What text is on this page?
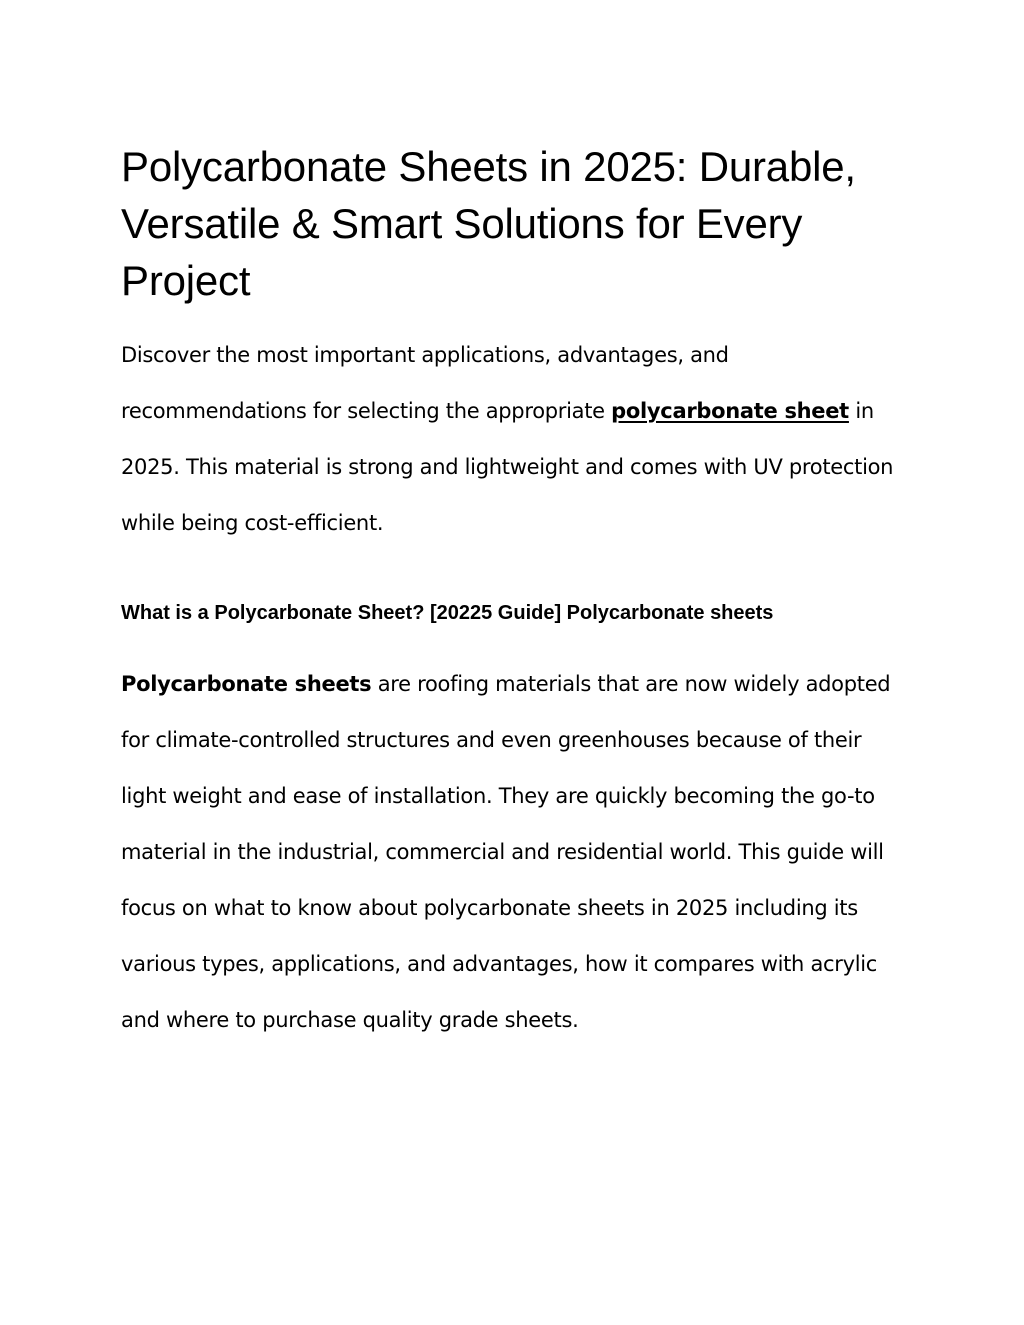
Polycarbonate Sheets in 2025: Durable, Versatile & Smart Solutions for Every Project

Discover the most important applications, advantages, and recommendations for selecting the appropriate polycarbonate sheet in 2025. This material is strong and lightweight and comes with UV protection while being cost-efficient.

What is a Polycarbonate Sheet? [20225 Guide] Polycarbonate sheets

Polycarbonate sheets are roofing materials that are now widely adopted for climate-controlled structures and even greenhouses because of their light weight and ease of installation. They are quickly becoming the go-to material in the industrial, commercial and residential world. This guide will focus on what to know about polycarbonate sheets in 2025 including its various types, applications, and advantages, how it compares with acrylic and where to purchase quality grade sheets.
